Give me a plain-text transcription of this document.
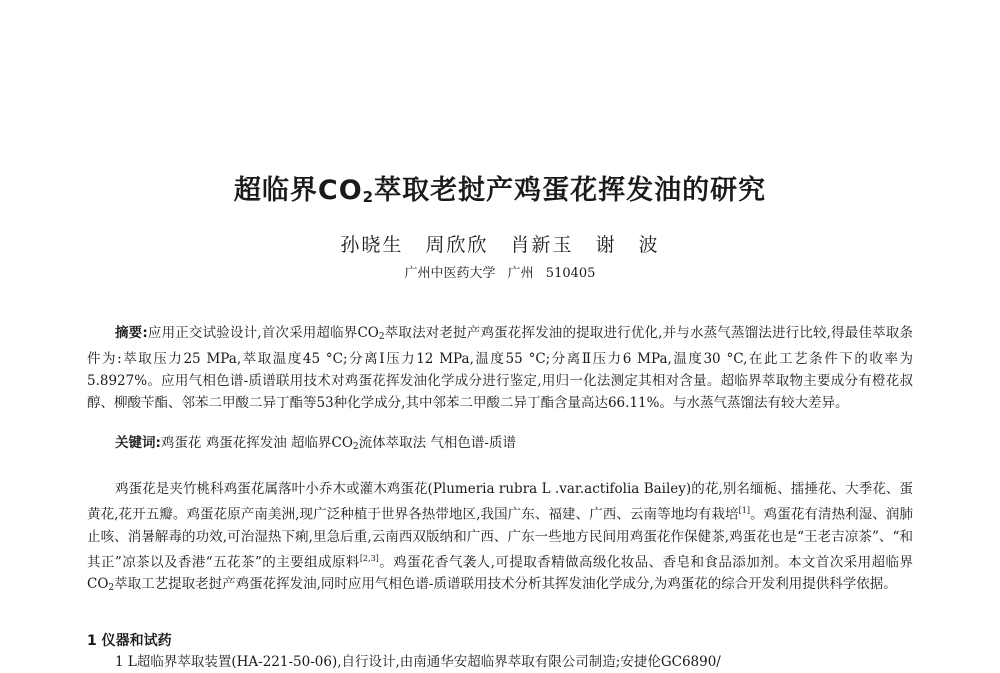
超临界$CO_2$萃取老挝产鸡蛋花挥发油的研究
孙晓生 周欣欣 肖新玉 谢 波
广州中医药大学 广州 510405
摘要:应用正交试验设计,首次采用超临界$CO_2$萃取法对老挝产鸡蛋花挥发油的提取进行优化,并与水蒸气蒸馏法进行比较,得最佳萃取条件为:萃取压力25 MPa,萃取温度45 °C;分离Ⅰ压力12 MPa,温度55 °C;分离Ⅱ压力6 MPa,温度30 °C,在此工艺条件下的收率为5.8927%。应用气相色谱-质谱联用技术对鸡蛋花挥发油化学成分进行鉴定,用归一化法测定其相对含量。超临界萃取物主要成分有橙花叔醇、柳酸苄酯、邻苯二甲酸二异丁酯等53种化学成分,其中邻苯二甲酸二异丁酯含量高达66.11%。与水蒸气蒸馏法有较大差异。
关键词:鸡蛋花 鸡蛋花挥发油 超临界$CO_2$流体萃取法 气相色谱-质谱
鸡蛋花是夹竹桃科鸡蛋花属落叶小乔木或灌木鸡蛋花(Plumeria rubra L .var.actifolia Bailey)的花,别名缅栀、擂捶花、大季花、蛋黄花,花开五瓣。鸡蛋花原产南美洲,现广泛种植于世界各热带地区,我国广东、福建、广西、云南等地均有栽培[1]。鸡蛋花有清热利湿、润肺止咳、消暑解毒的功效,可治湿热下痢,里急后重,云南西双版纳和广西、广东一些地方民间用鸡蛋花作保健茶,鸡蛋花也是“王老吉凉茶”、“和其正”凉茶以及香港“五花茶”的主要组成原料[2,3]。鸡蛋花香气袭人,可提取香精做高级化妆品、香皂和食品添加剂。本文首次采用超临界$CO_2$萃取工艺提取老挝产鸡蛋花挥发油,同时应用气相色谱-质谱联用技术分析其挥发油化学成分,为鸡蛋花的综合开发利用提供科学依据。
1 仪器和试药
1 L超临界萃取装置(HA-221-50-06),自行设计,由南通华安超临界萃取有限公司制造;安捷伦GC6890/
